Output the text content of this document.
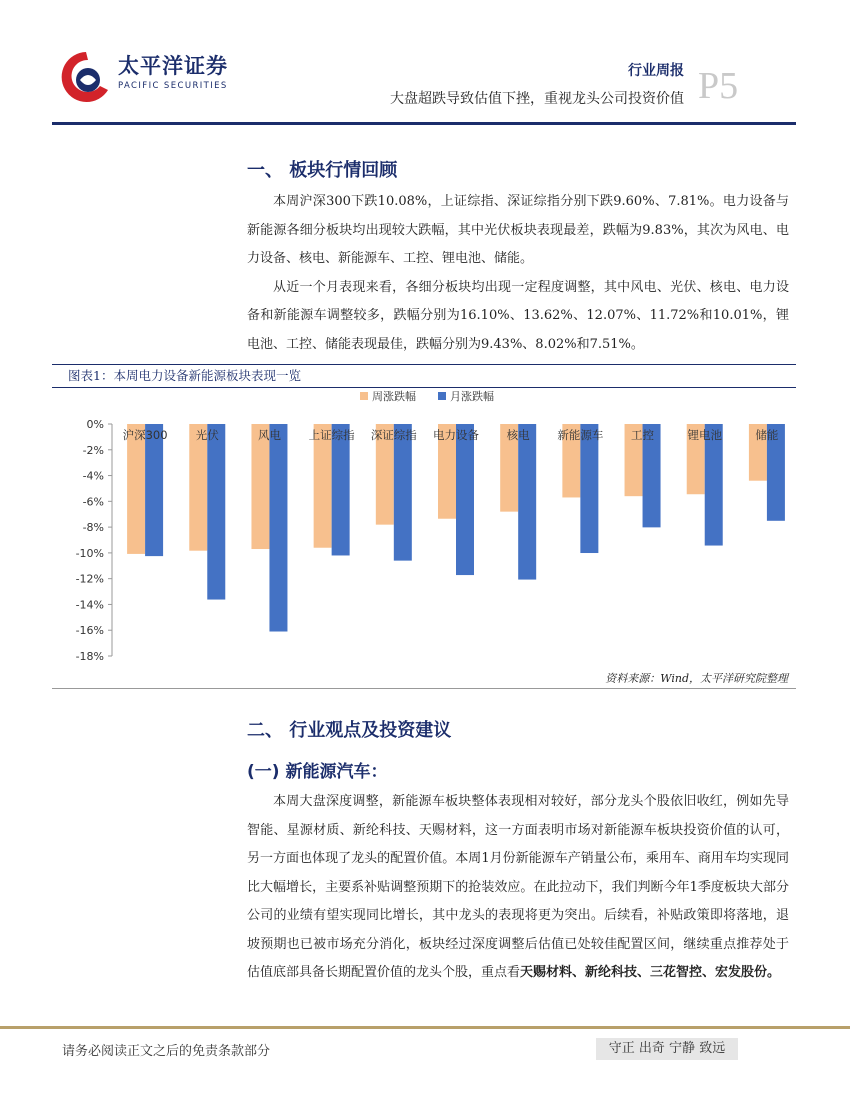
太平洋证券
PACIFIC SECURITIES
行业周报
大盘超跌导致估值下挫，重视龙头公司投资价值 P5
一、 板块行情回顾

本周沪深300下跌10.08%，上证综指、深证综指分别下跌9.60%、7.81%。电力设备与新能源各细分板块均出现较大跌幅，其中光伏板块表现最差，跌幅为9.83%，其次为风电、电力设备、核电、新能源车、工控、锂电池、储能。

从近一个月表现来看，各细分板块均出现一定程度调整，其中风电、光伏、核电、电力设备和新能源车调整较多，跌幅分别为16.10%、13.62%、12.07%、11.72%和10.01%，锂电池、工控、储能表现最佳，跌幅分别为9.43%、8.02%和7.51%。

图表1：本周电力设备新能源板块表现一览
周涨跌幅	月涨跌幅
0%
-2%
-4%
-6%
-8%
-10%
-12%
-14%
-16%
-18%
沪深300 光伏	风电 上证综指 深证综指 电力设备 核电 新能源车 工控	锂电池	储能
资料来源：Wind，太平洋研究院整理
二、 行业观点及投资建议
(一) 新能源汽车：

本周大盘深度调整，新能源车板块整体表现相对较好，部分龙头个股依旧收红，例如先导智能、星源材质、新纶科技、天赐材料，这一方面表明市场对新能源车板块投资价值的认可，另一方面也体现了龙头的配置价值。本周1月份新能源车产销量公布，乘用车、商用车均实现同比大幅增长，主要系补贴调整预期下的抢装效应。在此拉动下，我们判断今年1季度板块大部分公司的业绩有望实现同比增长，其中龙头的表现将更为突出。后续看，补贴政策即将落地，退坡预期也已被市场充分消化，板块经过深度调整后估值已处较佳配置区间，继续重点推荐处于估值底部具备长期配置价值的龙头个股，重点看天赐材料、新纶科技、三花智控、宏发股份。

请务必阅读正文之后的免责条款部分	守正 出奇 宁静 致远
